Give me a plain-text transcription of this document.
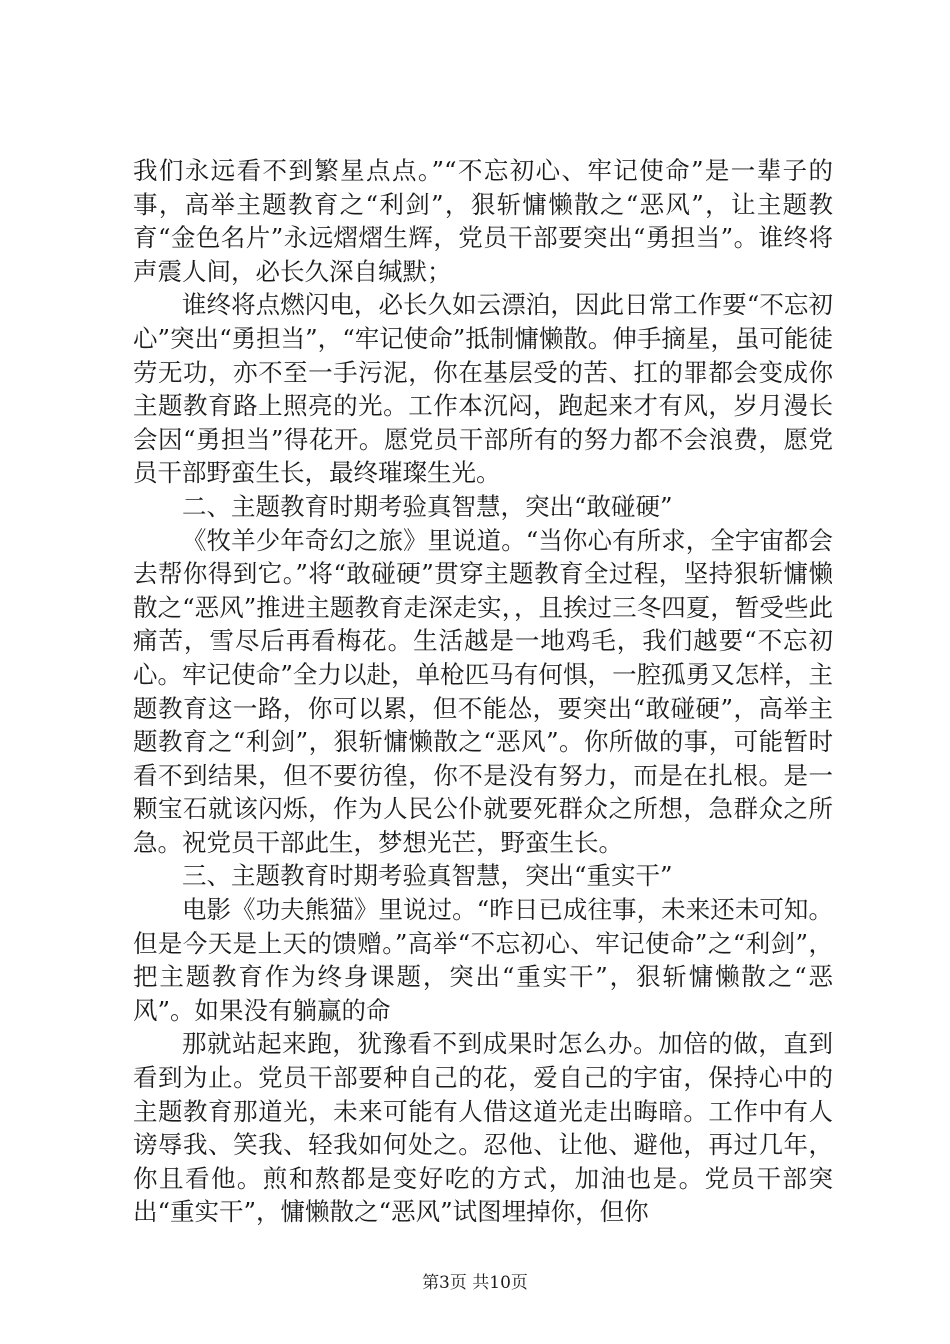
我们永远看不到繁星点点。”“不忘初心、牢记使命”是一辈子的事，高举主题教育之“利剑”，狠斩慵懒散之“恶风”，让主题教育“金色名片”永远熠熠生辉，党员干部要突出“勇担当”。谁终将声震人间，必长久深自缄默；

谁终将点燃闪电，必长久如云漂泊，因此日常工作要“不忘初心”突出“勇担当”，“牢记使命”抵制慵懒散。伸手摘星，虽可能徒劳无功，亦不至一手污泥，你在基层受的苦、扛的罪都会变成你主题教育路上照亮的光。工作本沉闷，跑起来才有风，岁月漫长会因“勇担当”得花开。愿党员干部所有的努力都不会浪费，愿党员干部野蛮生长，最终璀璨生光。

二、主题教育时期考验真智慧，突出“敢碰硬”

《牧羊少年奇幻之旅》里说道。“当你心有所求，全宇宙都会去帮你得到它。”将“敢碰硬”贯穿主题教育全过程，坚持狠斩慵懒散之“恶风”推进主题教育走深走实，，且挨过三冬四夏，暂受些此痛苦，雪尽后再看梅花。生活越是一地鸡毛，我们越要“不忘初心。牢记使命”全力以赴，单枪匹马有何惧，一腔孤勇又怎样，主题教育这一路，你可以累，但不能怂，要突出“敢碰硬”，高举主题教育之“利剑”，狠斩慵懒散之“恶风”。你所做的事，可能暂时看不到结果，但不要彷徨，你不是没有努力，而是在扎根。是一颗宝石就该闪烁，作为人民公仆就要死群众之所想，急群众之所急。祝党员干部此生，梦想光芒，野蛮生长。

三、主题教育时期考验真智慧，突出“重实干”

电影《功夫熊猫》里说过。“昨日已成往事，未来还未可知。但是今天是上天的馈赠。”高举“不忘初心、牢记使命”之“利剑”，把主题教育作为终身课题，突出“重实干”，狠斩慵懒散之“恶风”。如果没有躺赢的命

那就站起来跑，犹豫看不到成果时怎么办。加倍的做，直到看到为止。党员干部要种自己的花，爱自己的宇宙，保持心中的主题教育那道光，未来可能有人借这道光走出晦暗。工作中有人谤辱我、笑我、轻我如何处之。忍他、让他、避他，再过几年，你且看他。煎和熬都是变好吃的方式，加油也是。党员干部突出“重实干”，慵懒散之“恶风”试图埋掉你，但你

第3页 共10页
